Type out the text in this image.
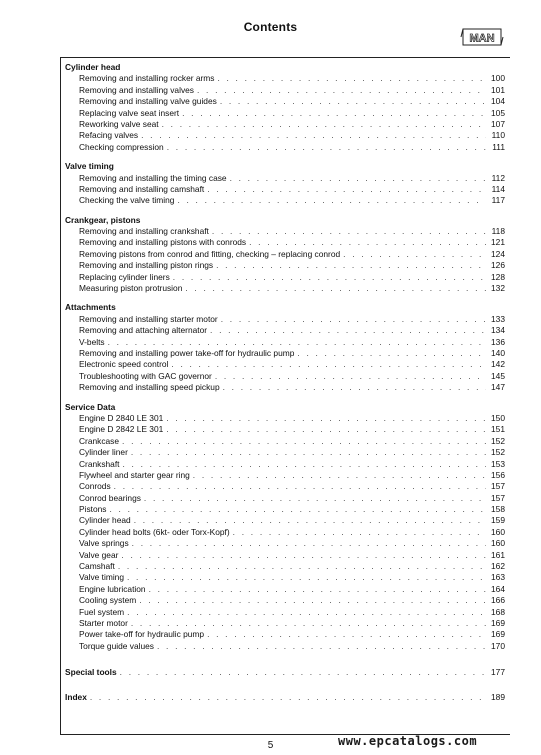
Contents
MAN
Cylinder head
Removing and installing rocker arms . . .	100
Removing and installing valves . . .	101
Removing and installing valve guides . . .	104
Replacing valve seat insert . . .	105
Reworking valve seat . . .	107
Refacing valves . . .	110
Checking compression . . .	111
Valve timing
Removing and installing the timing case . . .	112
Removing and installing camshaft . . .	114
Checking the valve timing . . .	117
Crankgear, pistons
Removing and installing crankshaft . . .	118
Removing and installing pistons with conrods . . .	121
Removing pistons from conrod and fitting, checking – replacing conrod . . .	124
Removing and installing piston rings . . .	126
Replacing cylinder liners . . .	128
Measuring piston protrusion . . .	132
Attachments
Removing and installing starter motor . . .	133
Removing and attaching alternator . . .	134
V-belts . . .	136
Removing and installing power take-off for hydraulic pump . . .	140
Electronic speed control . . .	142
Troubleshooting with GAC governor . . .	145
Removing and installing speed pickup . . .	147
Service Data
Engine D 2840 LE 301 . . .	150
Engine D 2842 LE 301 . . .	151
Crankcase . . .	152
Cylinder liner . . .	152
Crankshaft . . .	153
Flywheel and starter gear ring . . .	156
Conrods . . .	157
Conrod bearings . . .	157
Pistons . . .	158
Cylinder head . . .	159
Cylinder head bolts (6kt- oder Torx-Kopf) . . .	160
Valve springs . . .	160
Valve gear . . .	161
Camshaft . . .	162
Valve timing . . .	163
Engine lubrication . . .	164
Cooling system . . .	166
Fuel system . . .	168
Starter motor . . .	169
Power take-off for hydraulic pump . . .	169
Torque guide values . . .	170
Special tools . . .	177
Index . . .	189
5	www.epcatalogs.com
